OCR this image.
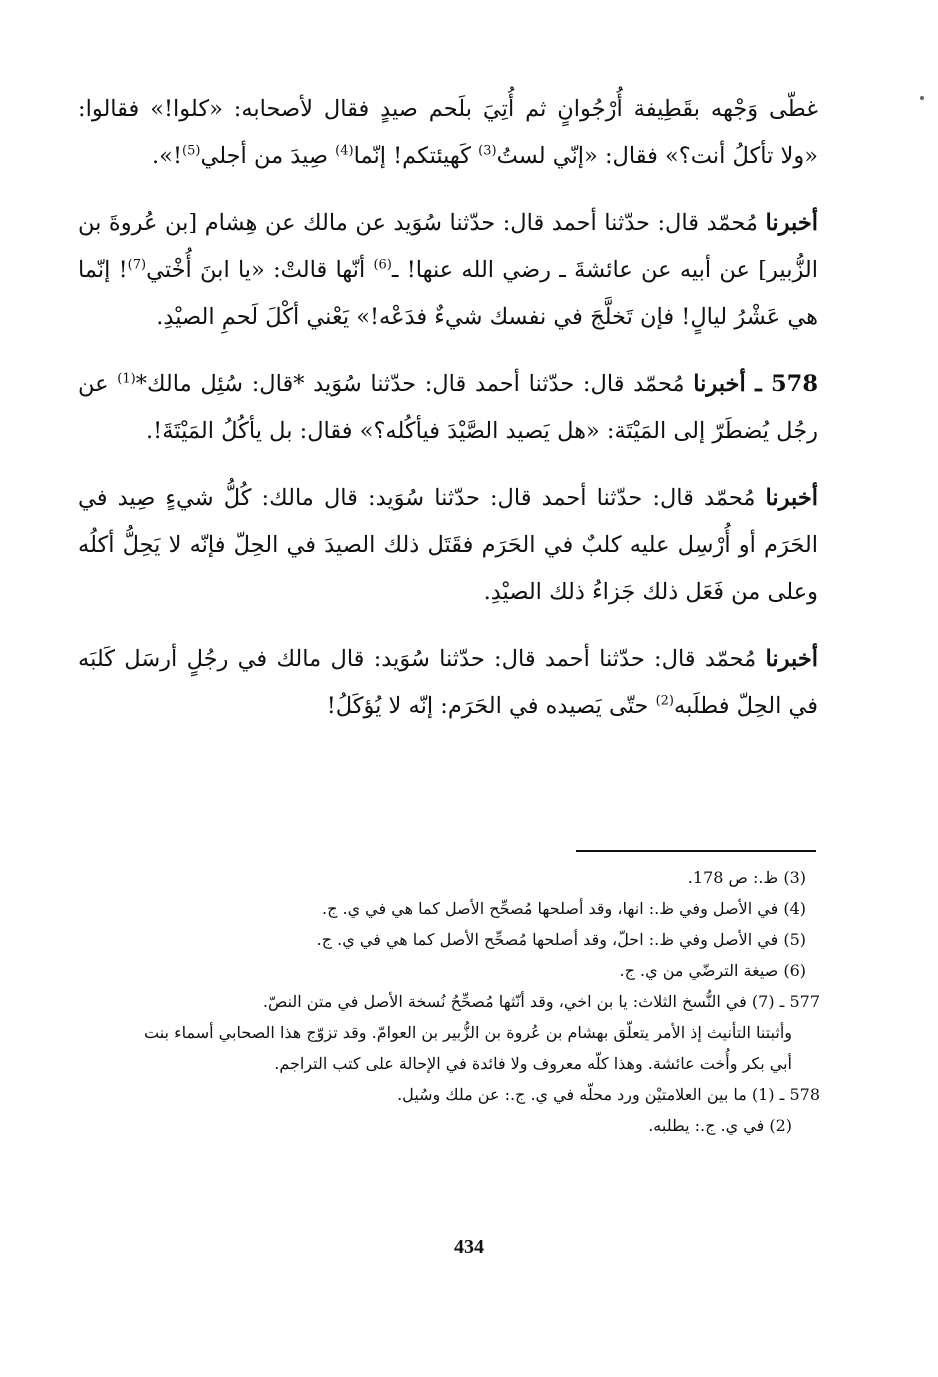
غطّى وَجْهه بقَطِيفة أُرْجُوانٍ ثم أُتِيَ بلَحم صيدٍ فقال لأصحابه: «كلوا!» فقالوا: «ولا تأكلُ أنت؟» فقال: «إنّي لستُ$^{(3)}$ كَهيئتكم! إنّما$^{(4)}$ صِيدَ من أجلي$^{(5)}$!».

أخبرنا مُحمّد قال: حدّثنا أحمد قال: حدّثنا سُوَيد عن مالك عن هِشام [بن عُروةَ بن الزُّبير] عن أبيه عن عائشةَ ـ رضي الله عنها! ـ$^{(6)}$ أنّها قالتْ: «يا ابنَ أُخْتي$^{(7)}$! إنّما هي عَشْرُ ليالٍ! فإن تَخلَّجَ في نفسك شيءٌ فدَعْه!» يَعْني أكْلَ لَحمِ الصيْدِ.

578 ـ أخبرنا مُحمّد قال: حدّثنا أحمد قال: حدّثنا سُوَيد *قال: سُئِل مالك*$^{(1)}$ عن رجُل يُضطَرّ إلى المَيْتَة: «هل يَصيد الصَّيْدَ فيأكُله؟» فقال: بل يأكُلُ المَيْتَةَ!.

أخبرنا مُحمّد قال: حدّثنا أحمد قال: حدّثنا سُوَيد: قال مالك: كُلُّ شيءٍ صِيد في الحَرَم أو أُرْسِل عليه كلبٌ في الحَرَم فقَتَل ذلك الصيدَ في الحِلّ فإنّه لا يَحِلُّ أكلُه وعلى من فَعَل ذلك جَزاءُ ذلك الصيْدِ.

أخبرنا مُحمّد قال: حدّثنا أحمد قال: حدّثنا سُوَيد: قال مالك في رجُلٍ أرسَل كَلبَه في الحِلّ فطلَبه$^{(2)}$ حتّى يَصيده في الحَرَم: إنّه لا يُؤكَلُ!

(3) ظ.: ص 178.

(4) في الأصل وفي ظ.: انها، وقد أصلحها مُصحِّح الأصل كما هي في ي. ج.

(5) في الأصل وفي ظ.: احلّ، وقد أصلحها مُصحِّح الأصل كما هي في ي. ج.

(6) صيغة الترضّي من ي. ج.

577 ـ (7) في النُّسخ الثلاث: يا بن اخي، وقد أنّثها مُصحِّحُ نُسخة الأصل في متن النصّ.

وأثبتنا التأنيث إذ الأمر يتعلّق بهشام بن عُروة بن الزُّبير بن العوامّ. وقد تزوّج هذا الصحابي أسماء بنت أبي بكر وأُخت عائشة. وهذا كلّه معروف ولا فائدة في الإحالة على كتب التراجم.

578 ـ (1) ما بين العلامتيْن ورد محلّه في ي. ج.: عن ملك وسُيل.

(2) في ي. ج.: يطلبه.

434
